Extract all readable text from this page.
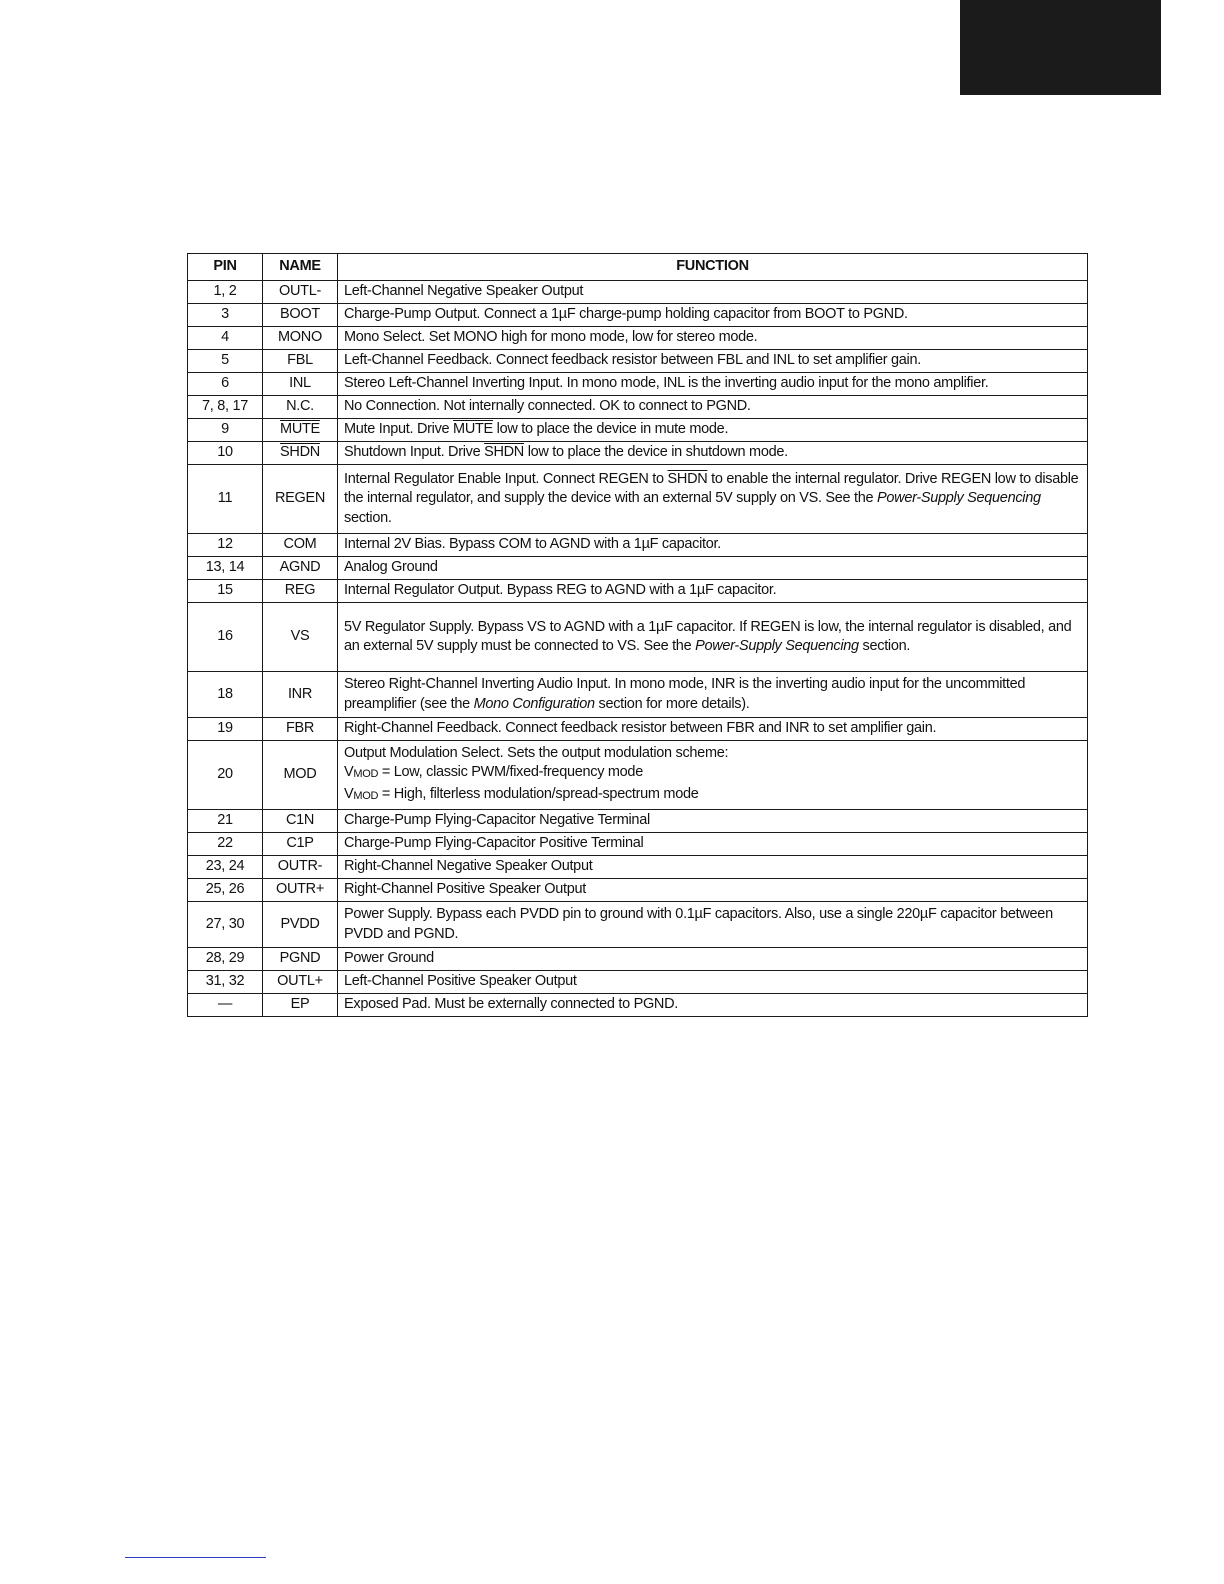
PIN	NAME	FUNCTION
1, 2	OUTL-	Left-Channel Negative Speaker Output
3	BOOT	Charge-Pump Output. Connect a 1µF charge-pump holding capacitor from BOOT to PGND.
4	MONO	Mono Select. Set MONO high for mono mode, low for stereo mode.
5	FBL	Left-Channel Feedback. Connect feedback resistor between FBL and INL to set amplifier gain.
6	INL	Stereo Left-Channel Inverting Input. In mono mode, INL is the inverting audio input for the mono amplifier.
7, 8, 17	N.C.	No Connection. Not internally connected. OK to connect to PGND.
9	MUTE	Mute Input. Drive MUTE low to place the device in mute mode.
10	SHDN	Shutdown Input. Drive SHDN low to place the device in shutdown mode.
11	REGEN	Internal Regulator Enable Input. Connect REGEN to SHDN to enable the internal regulator. Drive REGEN low to disable the internal regulator, and supply the device with an external 5V supply on VS. See the Power-Supply Sequencing section.
12	COM	Internal 2V Bias. Bypass COM to AGND with a 1µF capacitor.
13, 14	AGND	Analog Ground
15	REG	Internal Regulator Output. Bypass REG to AGND with a 1µF capacitor.
16	VS	5V Regulator Supply. Bypass VS to AGND with a 1µF capacitor. If REGEN is low, the internal regulator is disabled, and an external 5V supply must be connected to VS. See the Power-Supply Sequencing section.
18	INR	Stereo Right-Channel Inverting Audio Input. In mono mode, INR is the inverting audio input for the uncommitted preamplifier (see the Mono Configuration section for more details).
19	FBR	Right-Channel Feedback. Connect feedback resistor between FBR and INR to set amplifier gain.
20	MOD	Output Modulation Select. Sets the output modulation scheme:
VMOD = Low, classic PWM/fixed-frequency mode
VMOD = High, filterless modulation/spread-spectrum mode
21	C1N	Charge-Pump Flying-Capacitor Negative Terminal
22	C1P	Charge-Pump Flying-Capacitor Positive Terminal
23, 24	OUTR-	Right-Channel Negative Speaker Output
25, 26	OUTR+	Right-Channel Positive Speaker Output
27, 30	PVDD	Power Supply. Bypass each PVDD pin to ground with 0.1µF capacitors. Also, use a single 220µF capacitor between PVDD and PGND.
28, 29	PGND	Power Ground
31, 32	OUTL+	Left-Channel Positive Speaker Output
—	EP	Exposed Pad. Must be externally connected to PGND.
